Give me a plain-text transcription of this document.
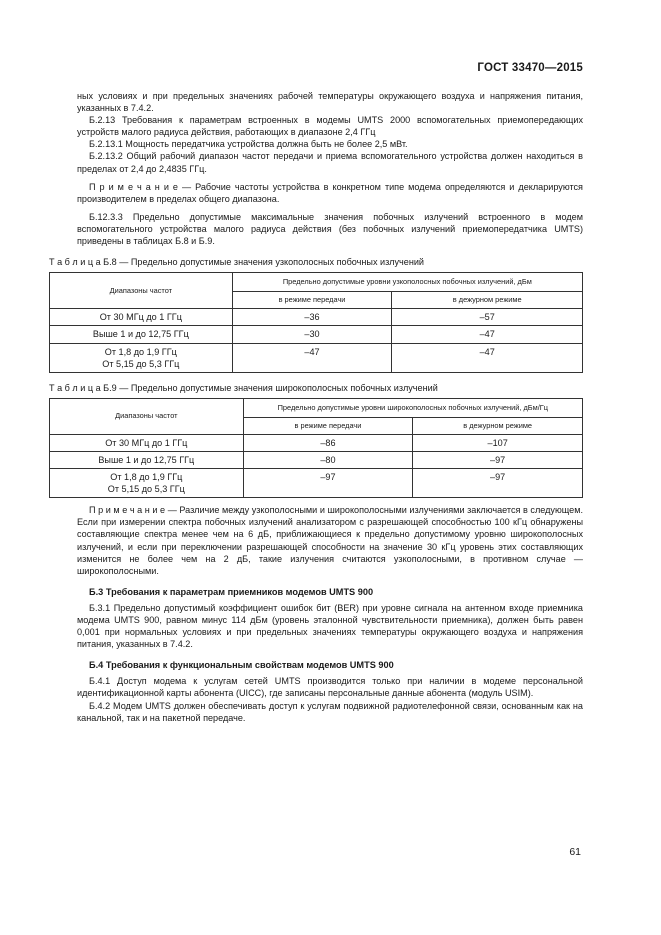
ГОСТ 33470—2015

ных условиях и при предельных значениях рабочей температуры окружающего воздуха и напряжения питания, указанных в 7.4.2.

Б.2.13 Требования к параметрам встроенных в модемы UMTS 2000 вспомогательных приемопередающих устройств малого радиуса действия, работающих в диапазоне 2,4 ГГц

Б.2.13.1 Мощность передатчика устройства должна быть не более 2,5 мВт.

Б.2.13.2 Общий рабочий диапазон частот передачи и приема вспомогательного устройства должен находиться в пределах от 2,4 до 2,4835 ГГц.

П р и м е ч а н и е — Рабочие частоты устройства в конкретном типе модема определяются и декларируются производителем в пределах общего диапазона.

Б.12.3.3 Предельно допустимые максимальные значения побочных излучений встроенного в модем вспомогательного устройства малого радиуса действия (без побочных излучений приемопередатчика UMTS) приведены в таблицах Б.8 и Б.9.

Т а б л и ц а Б.8 — Предельно допустимые значения узкополосных побочных излучений
Диапазоны частот	Предельно допустимые уровни узкополосных побочных излучений, дБм	
	в режиме передачи	в дежурном режиме
От 30 МГц до 1 ГГц	–36	–57
Выше 1 и до 12,75 ГГц	–30	–47

От 1,8 до 1,9 ГГц
От 5,15 до 5,3 ГГц	–47	–47
Т а б л и ц а Б.9 — Предельно допустимые значения широкополосных побочных излучений
Диапазоны частот	Предельно допустимые уровни широкополосных побочных излучений, дБм/Гц	
	в режиме передачи	в дежурном режиме
От 30 МГц до 1 ГГц	–86	–107
Выше 1 и до 12,75 ГГц	–80	–97

От 1,8 до 1,9 ГГц
От 5,15 до 5,3 ГГц	–97	–97

П р и м е ч а н и е — Различие между узкополосными и широкополосными излучениями заключается в следующем. Если при измерении спектра побочных излучений анализатором с разрешающей способностью 100 кГц обнаружены составляющие спектра менее чем на 6 дБ, приближающиеся к предельно допустимому уровню широкополосных излучений, и если при переключении разрешающей способности на значение 30 кГц уровень этих составляющих изменится не более чем на 2 дБ, такие излучения считаются узкополосными, в противном случае — широкополосными.

Б.3 Требования к параметрам приемников модемов UMTS 900

Б.3.1 Предельно допустимый коэффициент ошибок бит (BER) при уровне сигнала на антенном входе приемника модема UMTS 900, равном минус 114 дБм (уровень эталонной чувствительности приемника), должен быть равен 0,001 при нормальных условиях и при предельных значениях температуры окружающего воздуха и напряжения питания, указанных в 7.4.2.

Б.4 Требования к функциональным свойствам модемов UMTS 900

Б.4.1 Доступ модема к услугам сетей UMTS производится только при наличии в модеме персональной идентификационной карты абонента (UICC), где записаны персональные данные абонента (модуль USIM).

Б.4.2 Модем UMTS должен обеспечивать доступ к услугам подвижной радиотелефонной связи, основанным как на канальной, так и на пакетной передаче.

61
